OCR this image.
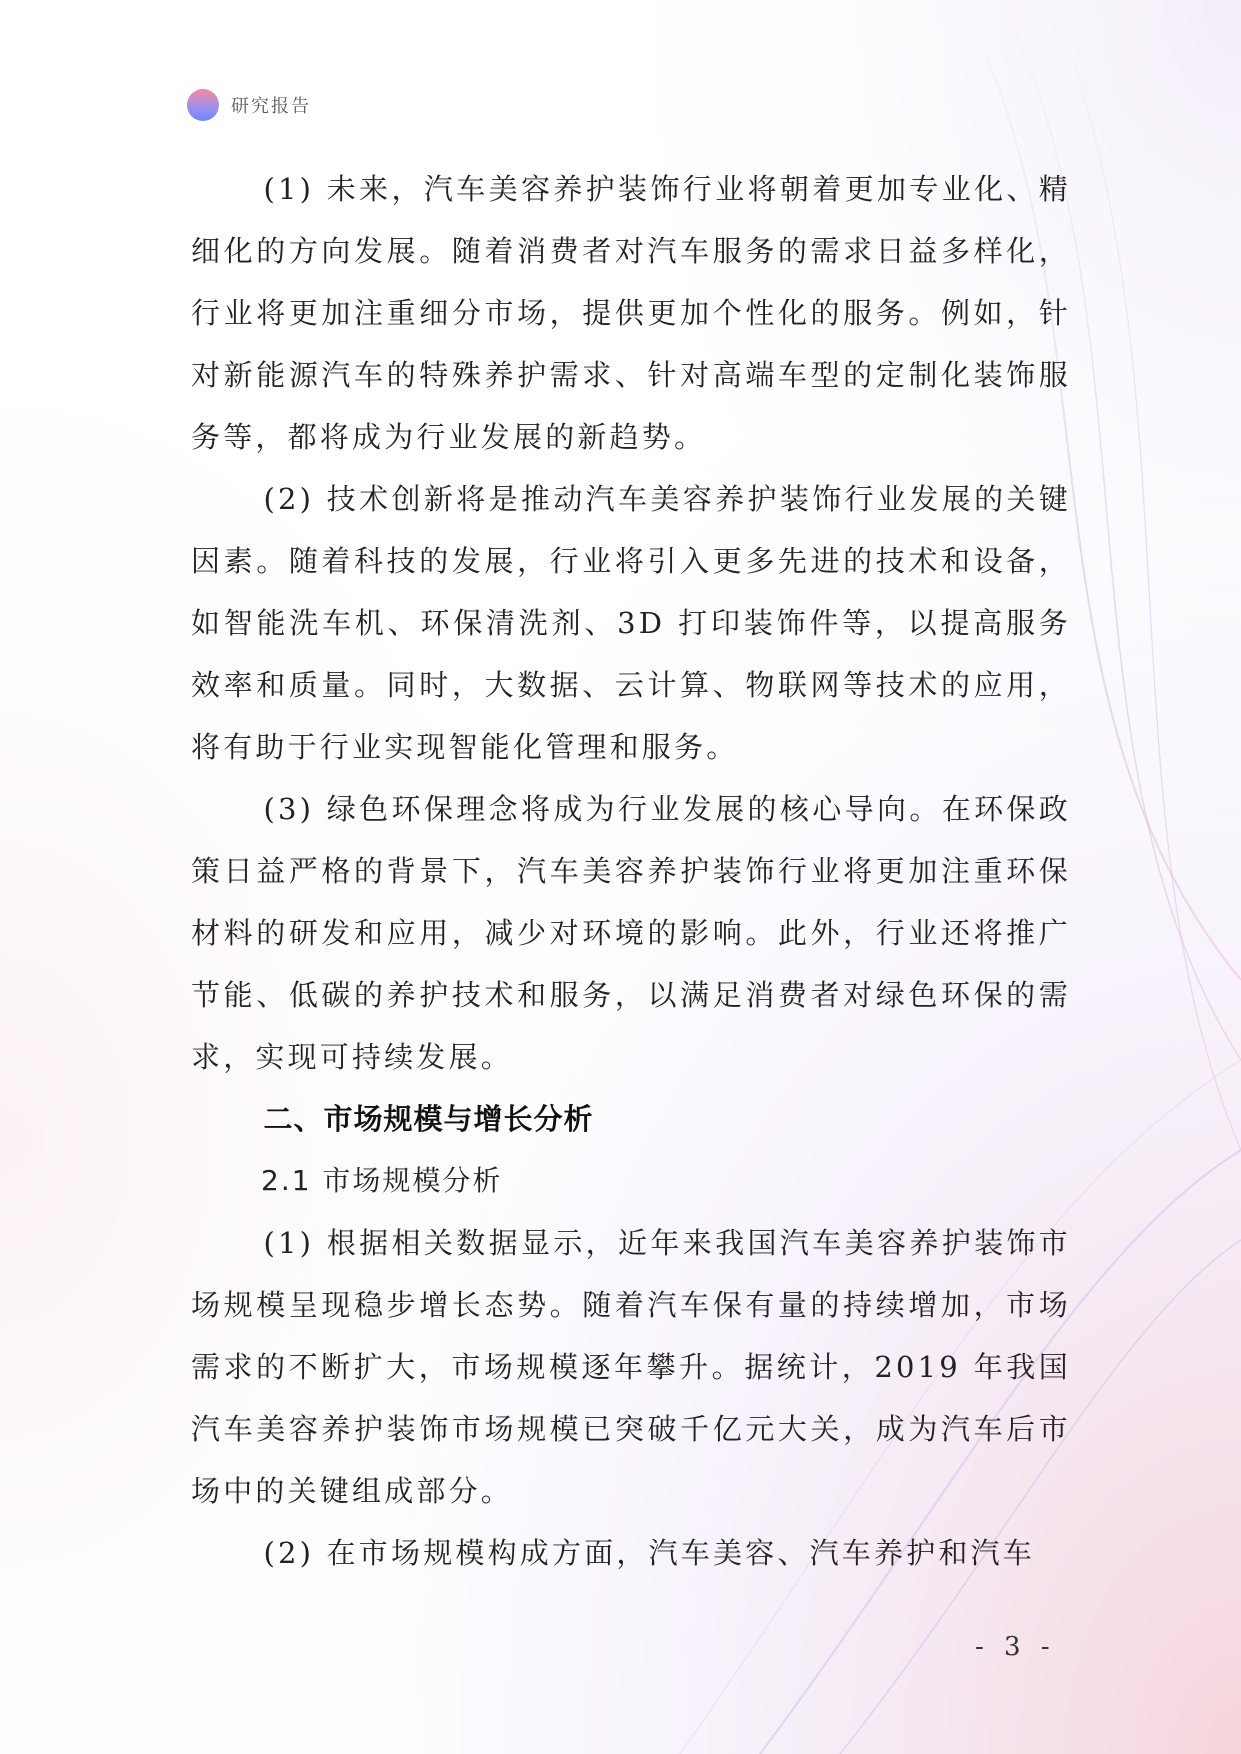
研究报告

(1) 未来，汽车美容养护装饰行业将朝着更加专业化、精细化的方向发展。随着消费者对汽车服务的需求日益多样化，行业将更加注重细分市场，提供更加个性化的服务。例如，针对新能源汽车的特殊养护需求、针对高端车型的定制化装饰服务等，都将成为行业发展的新趋势。

(2) 技术创新将是推动汽车美容养护装饰行业发展的关键因素。随着科技的发展，行业将引入更多先进的技术和设备，如智能洗车机、环保清洗剂、3D 打印装饰件等，以提高服务效率和质量。同时，大数据、云计算、物联网等技术的应用，将有助于行业实现智能化管理和服务。

(3) 绿色环保理念将成为行业发展的核心导向。在环保政策日益严格的背景下，汽车美容养护装饰行业将更加注重环保材料的研发和应用，减少对环境的影响。此外，行业还将推广节能、低碳的养护技术和服务，以满足消费者对绿色环保的需求，实现可持续发展。

二、市场规模与增长分析

2.1 市场规模分析

(1) 根据相关数据显示，近年来我国汽车美容养护装饰市场规模呈现稳步增长态势。随着汽车保有量的持续增加，市场需求的不断扩大，市场规模逐年攀升。据统计，2019 年我国汽车美容养护装饰市场规模已突破千亿元大关，成为汽车后市场中的关键组成部分。

(2) 在市场规模构成方面，汽车美容、汽车养护和汽车

- 3 -
